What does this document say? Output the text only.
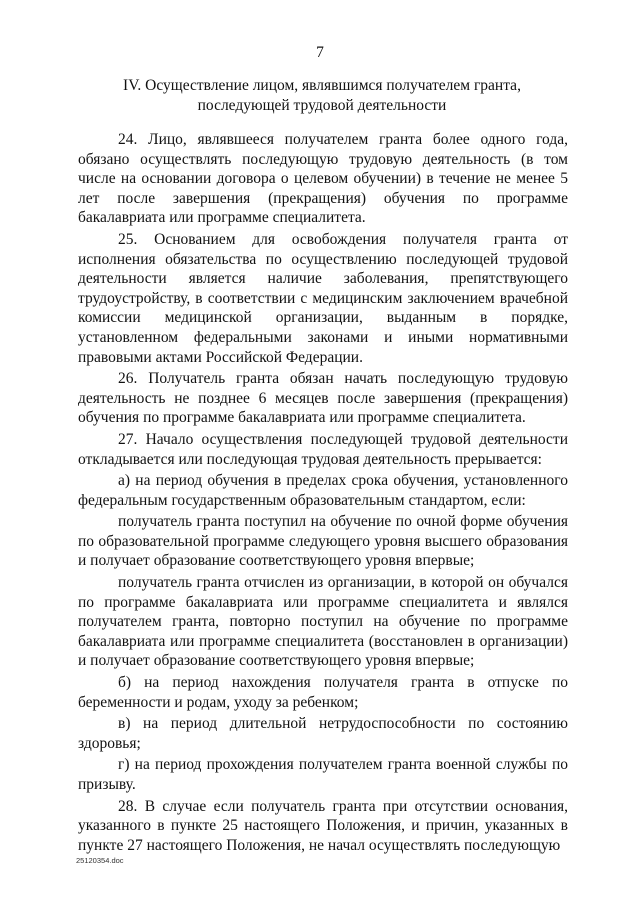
7
IV. Осуществление лицом, являвшимся получателем гранта,
последующей трудовой деятельности

24. Лицо, являвшееся получателем гранта более одного года, обязано осуществлять последующую трудовую деятельность (в том числе на основании договора о целевом обучении) в течение не менее 5 лет после завершения (прекращения) обучения по программе бакалавриата или программе специалитета.

25. Основанием для освобождения получателя гранта от исполнения обязательства по осуществлению последующей трудовой деятельности является наличие заболевания, препятствующего трудоустройству, в соответствии с медицинским заключением врачебной комиссии медицинской организации, выданным в порядке, установленном федеральными законами и иными нормативными правовыми актами Российской Федерации.

26. Получатель гранта обязан начать последующую трудовую деятельность не позднее 6 месяцев после завершения (прекращения) обучения по программе бакалавриата или программе специалитета.

27. Начало осуществления последующей трудовой деятельности откладывается или последующая трудовая деятельность прерывается:

а) на период обучения в пределах срока обучения, установленного федеральным государственным образовательным стандартом, если:

получатель гранта поступил на обучение по очной форме обучения по образовательной программе следующего уровня высшего образования и получает образование соответствующего уровня впервые;

получатель гранта отчислен из организации, в которой он обучался по программе бакалавриата или программе специалитета и являлся получателем гранта, повторно поступил на обучение по программе бакалавриата или программе специалитета (восстановлен в организации) и получает образование соответствующего уровня впервые;

б) на период нахождения получателя гранта в отпуске по беременности и родам, уходу за ребенком;

в) на период длительной нетрудоспособности по состоянию здоровья;

г) на период прохождения получателем гранта военной службы по призыву.

28. В случае если получатель гранта при отсутствии основания, указанного в пункте 25 настоящего Положения, и причин, указанных в пункте 27 настоящего Положения, не начал осуществлять последующую

25120354.doc
